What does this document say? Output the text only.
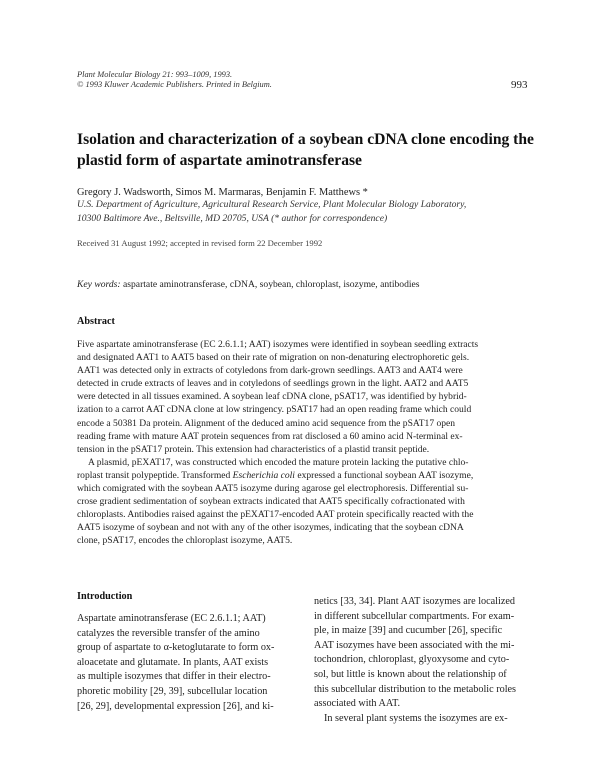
Plant Molecular Biology 21: 993–1009, 1993.
© 1993 Kluwer Academic Publishers. Printed in Belgium.	993
Isolation and characterization of a soybean cDNA clone encoding the
plastid form of aspartate aminotransferase
Gregory J. Wadsworth, Simos M. Marmaras, Benjamin F. Matthews *
U.S. Department of Agriculture, Agricultural Research Service, Plant Molecular Biology Laboratory,
10300 Baltimore Ave., Beltsville, MD 20705, USA (* author for correspondence)
Received 31 August 1992; accepted in revised form 22 December 1992
Key words: aspartate aminotransferase, cDNA, soybean, chloroplast, isozyme, antibodies
Abstract
Five aspartate aminotransferase (EC 2.6.1.1; AAT) isozymes were identified in soybean seedling extracts
and designated AAT1 to AAT5 based on their rate of migration on non-denaturing electrophoretic gels.
AAT1 was detected only in extracts of cotyledons from dark-grown seedlings. AAT3 and AAT4 were
detected in crude extracts of leaves and in cotyledons of seedlings grown in the light. AAT2 and AAT5
were detected in all tissues examined. A soybean leaf cDNA clone, pSAT17, was identified by hybrid-
ization to a carrot AAT cDNA clone at low stringency. pSAT17 had an open reading frame which could
encode a 50381 Da protein. Alignment of the deduced amino acid sequence from the pSAT17 open
reading frame with mature AAT protein sequences from rat disclosed a 60 amino acid N-terminal ex-
tension in the pSAT17 protein. This extension had characteristics of a plastid transit peptide.
A plasmid, pEXAT17, was constructed which encoded the mature protein lacking the putative chlo-
roplast transit polypeptide. Transformed Escherichia coli expressed a functional soybean AAT isozyme,
which comigrated with the soybean AAT5 isozyme during agarose gel electrophoresis. Differential su-
crose gradient sedimentation of soybean extracts indicated that AAT5 specifically cofractionated with
chloroplasts. Antibodies raised against the pEXAT17-encoded AAT protein specifically reacted with the
AAT5 isozyme of soybean and not with any of the other isozymes, indicating that the soybean cDNA
clone, pSAT17, encodes the chloroplast isozyme, AAT5.
Introduction
Aspartate aminotransferase (EC 2.6.1.1; AAT)
catalyzes the reversible transfer of the amino
group of aspartate to α-ketoglutarate to form ox-
aloacetate and glutamate. In plants, AAT exists
as multiple isozymes that differ in their electro-
phoretic mobility [29, 39], subcellular location
[26, 29], developmental expression [26], and ki-
netics [33, 34]. Plant AAT isozymes are localized
in different subcellular compartments. For exam-
ple, in maize [39] and cucumber [26], specific
AAT isozymes have been associated with the mi-
tochondrion, chloroplast, glyoxysome and cyto-
sol, but little is known about the relationship of
this subcellular distribution to the metabolic roles
associated with AAT.
In several plant systems the isozymes are ex-
